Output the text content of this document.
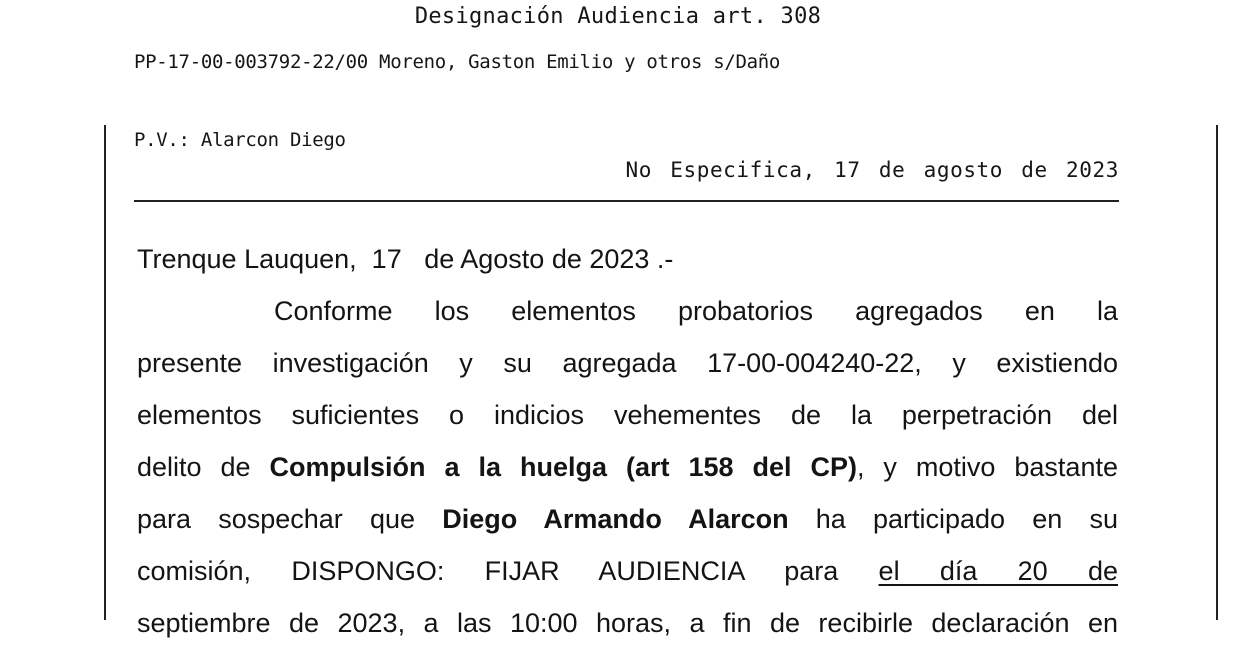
Designación Audiencia art. 308
PP-17-00-003792-22/00 Moreno, Gaston Emilio y otros s/Daño
P.V.: Alarcon Diego
No Especifica, 17 de agosto de 2023
Trenque Lauquen,  17   de Agosto de 2023 .-
Conforme los elementos probatorios agregados en la
presente investigación y su agregada 17-00-004240-22, y existiendo
elementos suficientes o indicios vehementes de la perpetración del
delito de Compulsión a la huelga (art 158 del CP), y motivo bastante
para sospechar que Diego Armando Alarcon ha participado en su
comisión, DISPONGO: FIJAR AUDIENCIA para el día 20 de
septiembre de 2023, a las 10:00 horas, a fin de recibirle declaración en
